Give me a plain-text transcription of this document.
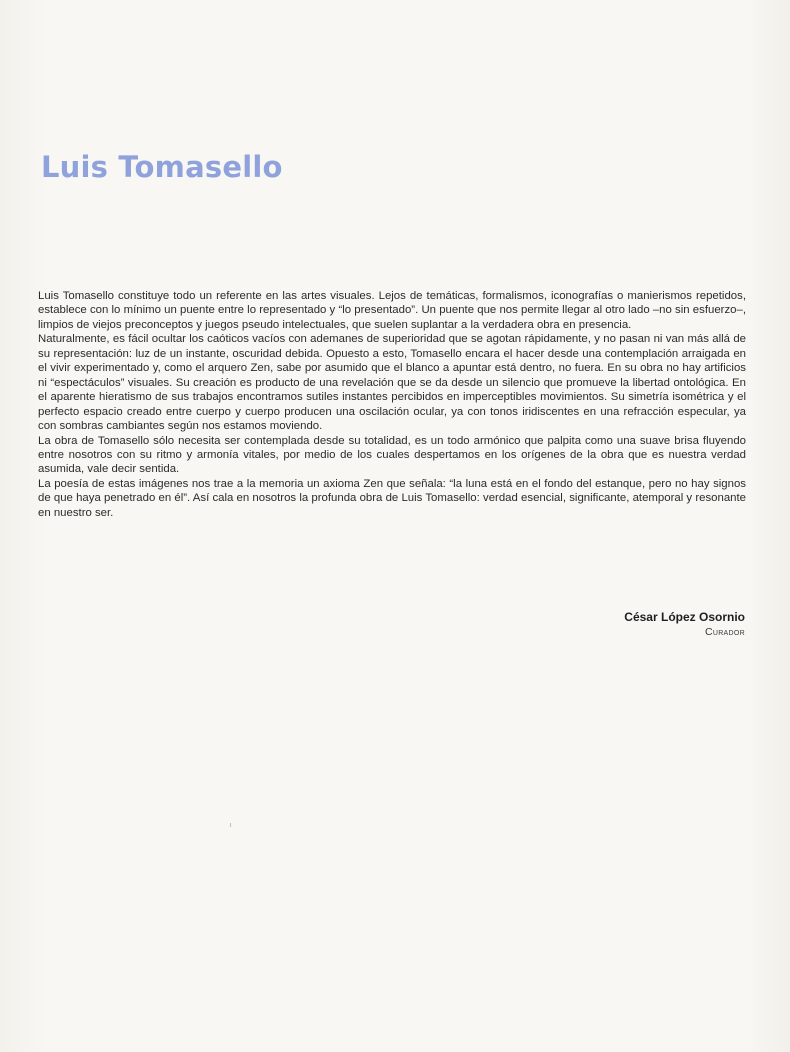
Luis Tomasello

Luis Tomasello constituye todo un referente en las artes visuales. Lejos de temáticas, formalismos, iconografías o manierismos repetidos, establece con lo mínimo un puente entre lo representado y “lo presentado”. Un puente que nos permite llegar al otro lado –no sin esfuerzo–, limpios de viejos preconceptos y juegos pseudo intelectuales, que suelen suplantar a la verdadera obra en presencia.

Naturalmente, es fácil ocultar los caóticos vacíos con ademanes de superioridad que se agotan rápidamente, y no pasan ni van más allá de su representación: luz de un instante, oscuridad debida. Opuesto a esto, Tomasello encara el hacer desde una contemplación arraigada en el vivir experimentado y, como el arquero Zen, sabe por asumido que el blanco a apuntar está dentro, no fuera. En su obra no hay artificios ni “espectáculos” visuales. Su creación es producto de una revelación que se da desde un silencio que promueve la libertad ontológica. En el aparente hieratismo de sus trabajos encontramos sutiles instantes percibidos en imperceptibles movimientos. Su simetría isométrica y el perfecto espacio creado entre cuerpo y cuerpo producen una oscilación ocular, ya con tonos iridiscentes en una refracción especular, ya con sombras cambiantes según nos estamos moviendo.

La obra de Tomasello sólo necesita ser contemplada desde su totalidad, es un todo armónico que palpita como una suave brisa fluyendo entre nosotros con su ritmo y armonía vitales, por medio de los cuales despertamos en los orígenes de la obra que es nuestra verdad asumida, vale decir sentida.

La poesía de estas imágenes nos trae a la memoria un axioma Zen que señala: “la luna está en el fondo del estanque, pero no hay signos de que haya penetrado en él”. Así cala en nosotros la profunda obra de Luis Tomasello: verdad esencial, significante, atemporal y resonante en nuestro ser.

César López Osornio
Curador
